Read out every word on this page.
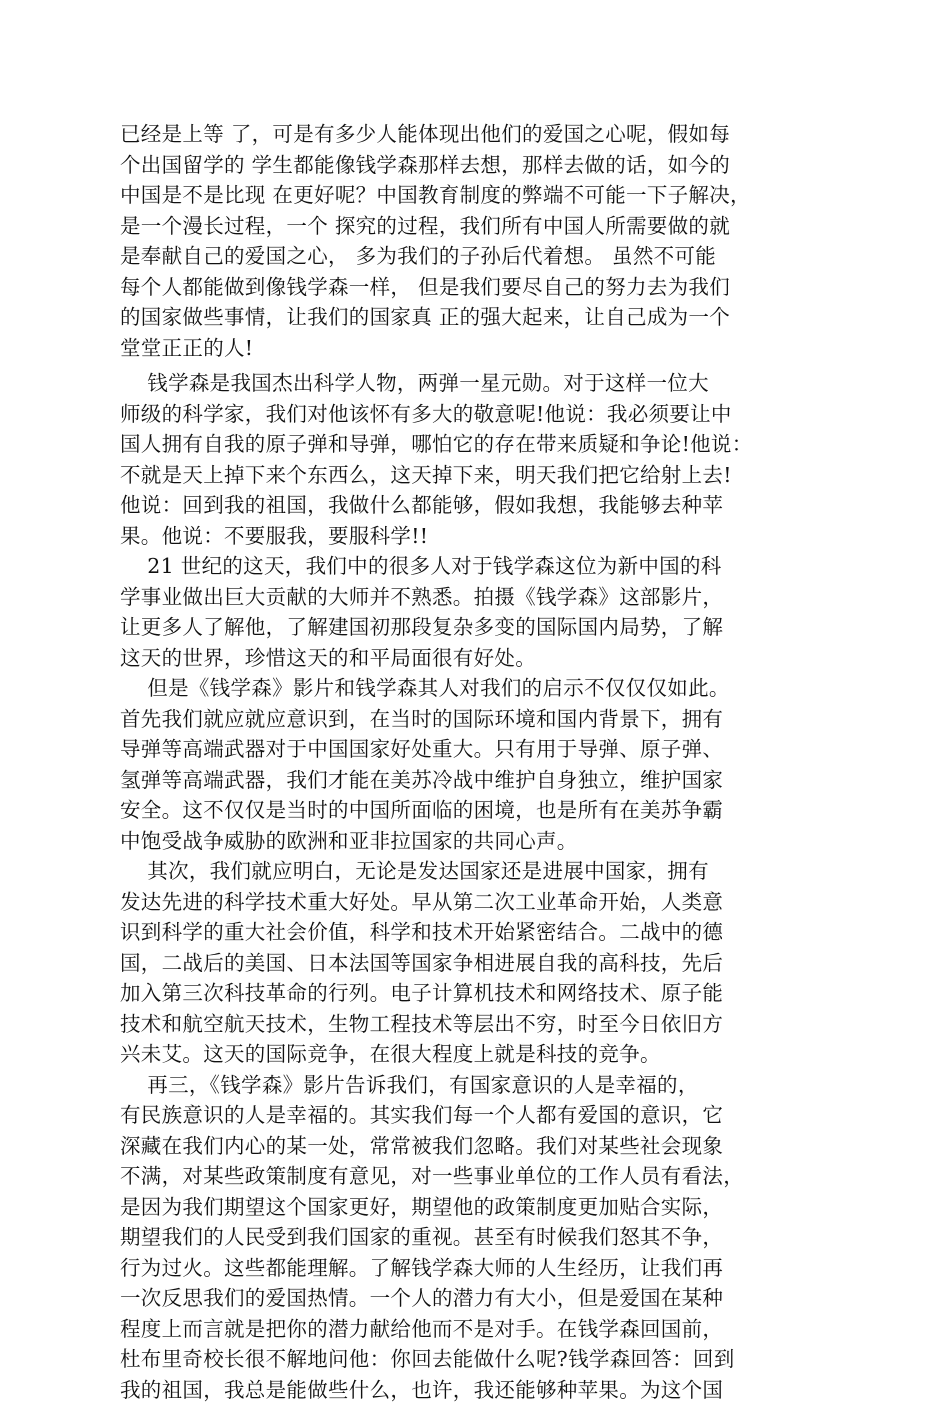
已经是上等 了，可是有多少人能体现出他们的爱国之心呢，假如每
个出国留学的 学生都能像钱学森那样去想，那样去做的话，如今的
中国是不是比现 在更好呢？中国教育制度的弊端不可能一下子解决，
是一个漫长过程，一个 探究的过程，我们所有中国人所需要做的就
是奉献自己的爱国之心， 多为我们的子孙后代着想。 虽然不可能
每个人都能做到像钱学森一样， 但是我们要尽自己的努力去为我们
的国家做些事情，让我们的国家真 正的强大起来，让自己成为一个
堂堂正正的人!
钱学森是我国杰出科学人物，两弹一星元勋。对于这样一位大
师级的科学家，我们对他该怀有多大的敬意呢!他说：我必须要让中
国人拥有自我的原子弹和导弹，哪怕它的存在带来质疑和争论!他说：
不就是天上掉下来个东西么，这天掉下来，明天我们把它给射上去!
他说：回到我的祖国，我做什么都能够，假如我想，我能够去种苹
果。他说：不要服我，要服科学!!
21 世纪的这天，我们中的很多人对于钱学森这位为新中国的科
学事业做出巨大贡献的大师并不熟悉。拍摄《钱学森》这部影片，
让更多人了解他，了解建国初那段复杂多变的国际国内局势，了解
这天的世界，珍惜这天的和平局面很有好处。
但是《钱学森》影片和钱学森其人对我们的启示不仅仅仅如此。
首先我们就应就应意识到，在当时的国际环境和国内背景下，拥有
导弹等高端武器对于中国国家好处重大。只有用于导弹、原子弹、
氢弹等高端武器，我们才能在美苏冷战中维护自身独立，维护国家
安全。这不仅仅是当时的中国所面临的困境，也是所有在美苏争霸
中饱受战争威胁的欧洲和亚非拉国家的共同心声。
其次，我们就应明白，无论是发达国家还是进展中国家，拥有
发达先进的科学技术重大好处。早从第二次工业革命开始，人类意
识到科学的重大社会价值，科学和技术开始紧密结合。二战中的德
国，二战后的美国、日本法国等国家争相进展自我的高科技，先后
加入第三次科技革命的行列。电子计算机技术和网络技术、原子能
技术和航空航天技术，生物工程技术等层出不穷，时至今日依旧方
兴未艾。这天的国际竞争，在很大程度上就是科技的竞争。
再三，《钱学森》影片告诉我们，有国家意识的人是幸福的，
有民族意识的人是幸福的。其实我们每一个人都有爱国的意识，它
深藏在我们内心的某一处，常常被我们忽略。我们对某些社会现象
不满，对某些政策制度有意见，对一些事业单位的工作人员有看法，
是因为我们期望这个国家更好，期望他的政策制度更加贴合实际，
期望我们的人民受到我们国家的重视。甚至有时候我们怒其不争，
行为过火。这些都能理解。了解钱学森大师的人生经历，让我们再
一次反思我们的爱国热情。一个人的潜力有大小，但是爱国在某种
程度上而言就是把你的潜力献给他而不是对手。在钱学森回国前，
杜布里奇校长很不解地问他：你回去能做什么呢?钱学森回答：回到
我的祖国，我总是能做些什么，也许，我还能够种苹果。为这个国
